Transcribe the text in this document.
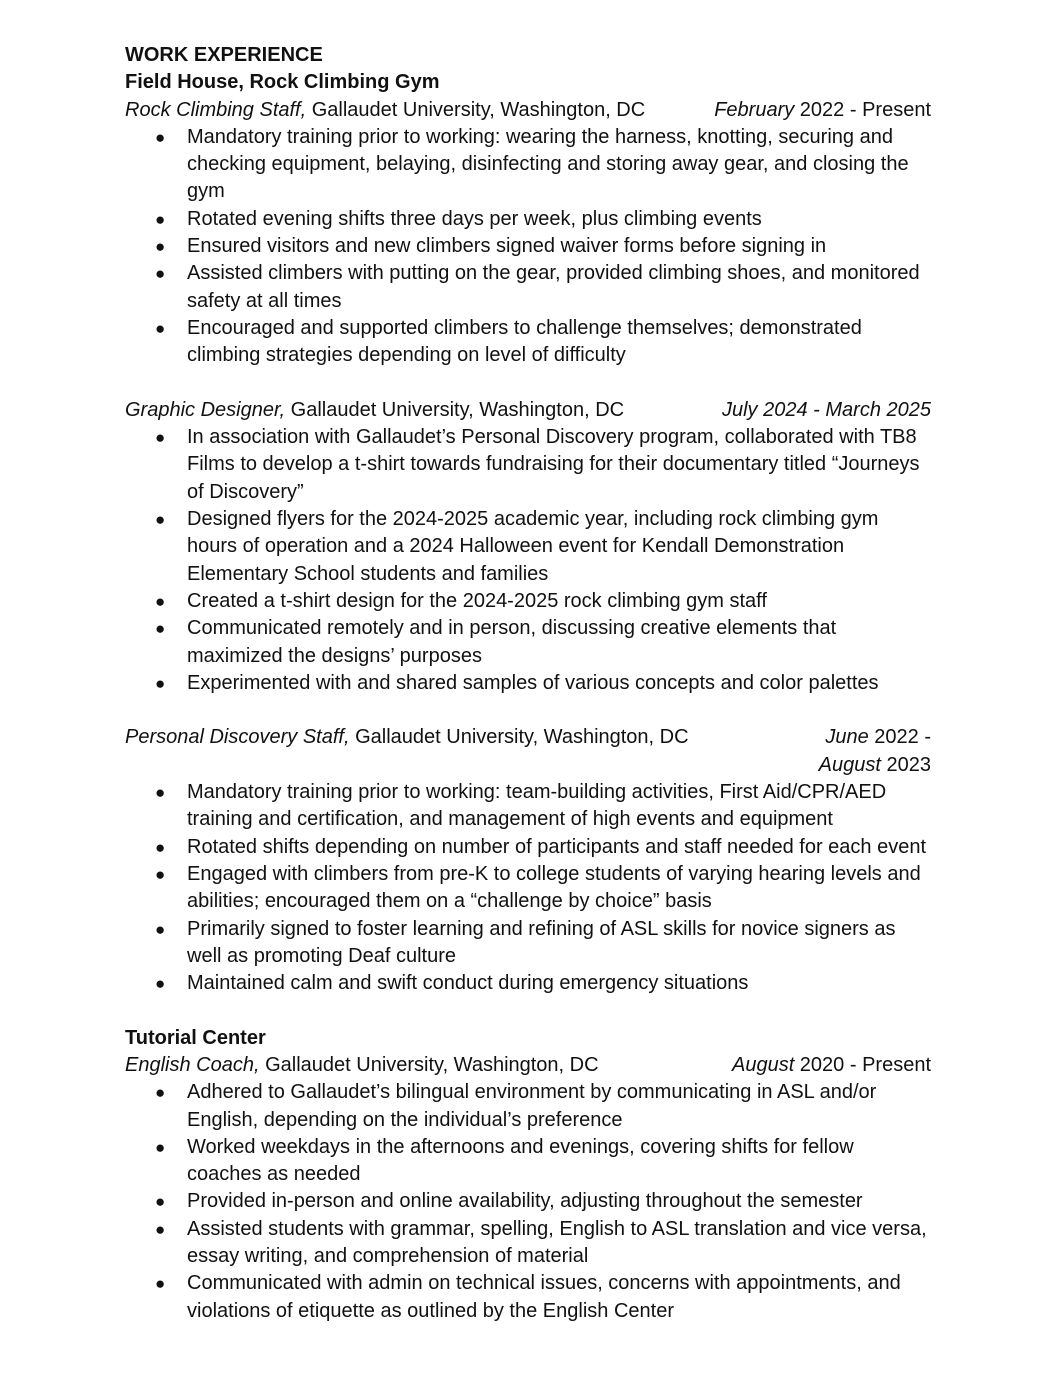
WORK EXPERIENCE

Field House, Rock Climbing Gym

Rock Climbing Staff, Gallaudet University, Washington, DC	February 2022 - Present
● Mandatory training prior to working: wearing the harness, knotting, securing and checking equipment, belaying, disinfecting and storing away gear, and closing the gym
● Rotated evening shifts three days per week, plus climbing events
● Ensured visitors and new climbers signed waiver forms before signing in
● Assisted climbers with putting on the gear, provided climbing shoes, and monitored safety at all times
● Encouraged and supported climbers to challenge themselves; demonstrated climbing strategies depending on level of difficulty
Graphic Designer, Gallaudet University, Washington, DC	July 2024 - March 2025
● In association with Gallaudet’s Personal Discovery program, collaborated with TB8 Films to develop a t-shirt towards fundraising for their documentary titled “Journeys of Discovery”
● Designed flyers for the 2024-2025 academic year, including rock climbing gym hours of operation and a 2024 Halloween event for Kendall Demonstration Elementary School students and families
● Created a t-shirt design for the 2024-2025 rock climbing gym staff
● Communicated remotely and in person, discussing creative elements that maximized the designs’ purposes
● Experimented with and shared samples of various concepts and color palettes
Personal Discovery Staff, Gallaudet University, Washington, DC	June 2022 -
August 2023
● Mandatory training prior to working: team-building activities, First Aid/CPR/AED training and certification, and management of high events and equipment
● Rotated shifts depending on number of participants and staff needed for each event
● Engaged with climbers from pre-K to college students of varying hearing levels and abilities; encouraged them on a “challenge by choice” basis
● Primarily signed to foster learning and refining of ASL skills for novice signers as well as promoting Deaf culture
● Maintained calm and swift conduct during emergency situations

Tutorial Center

English Coach, Gallaudet University, Washington, DC	August 2020 - Present
● Adhered to Gallaudet’s bilingual environment by communicating in ASL and/or English, depending on the individual’s preference
● Worked weekdays in the afternoons and evenings, covering shifts for fellow coaches as needed
● Provided in-person and online availability, adjusting throughout the semester
● Assisted students with grammar, spelling, English to ASL translation and vice versa, essay writing, and comprehension of material
● Communicated with admin on technical issues, concerns with appointments, and violations of etiquette as outlined by the English Center
